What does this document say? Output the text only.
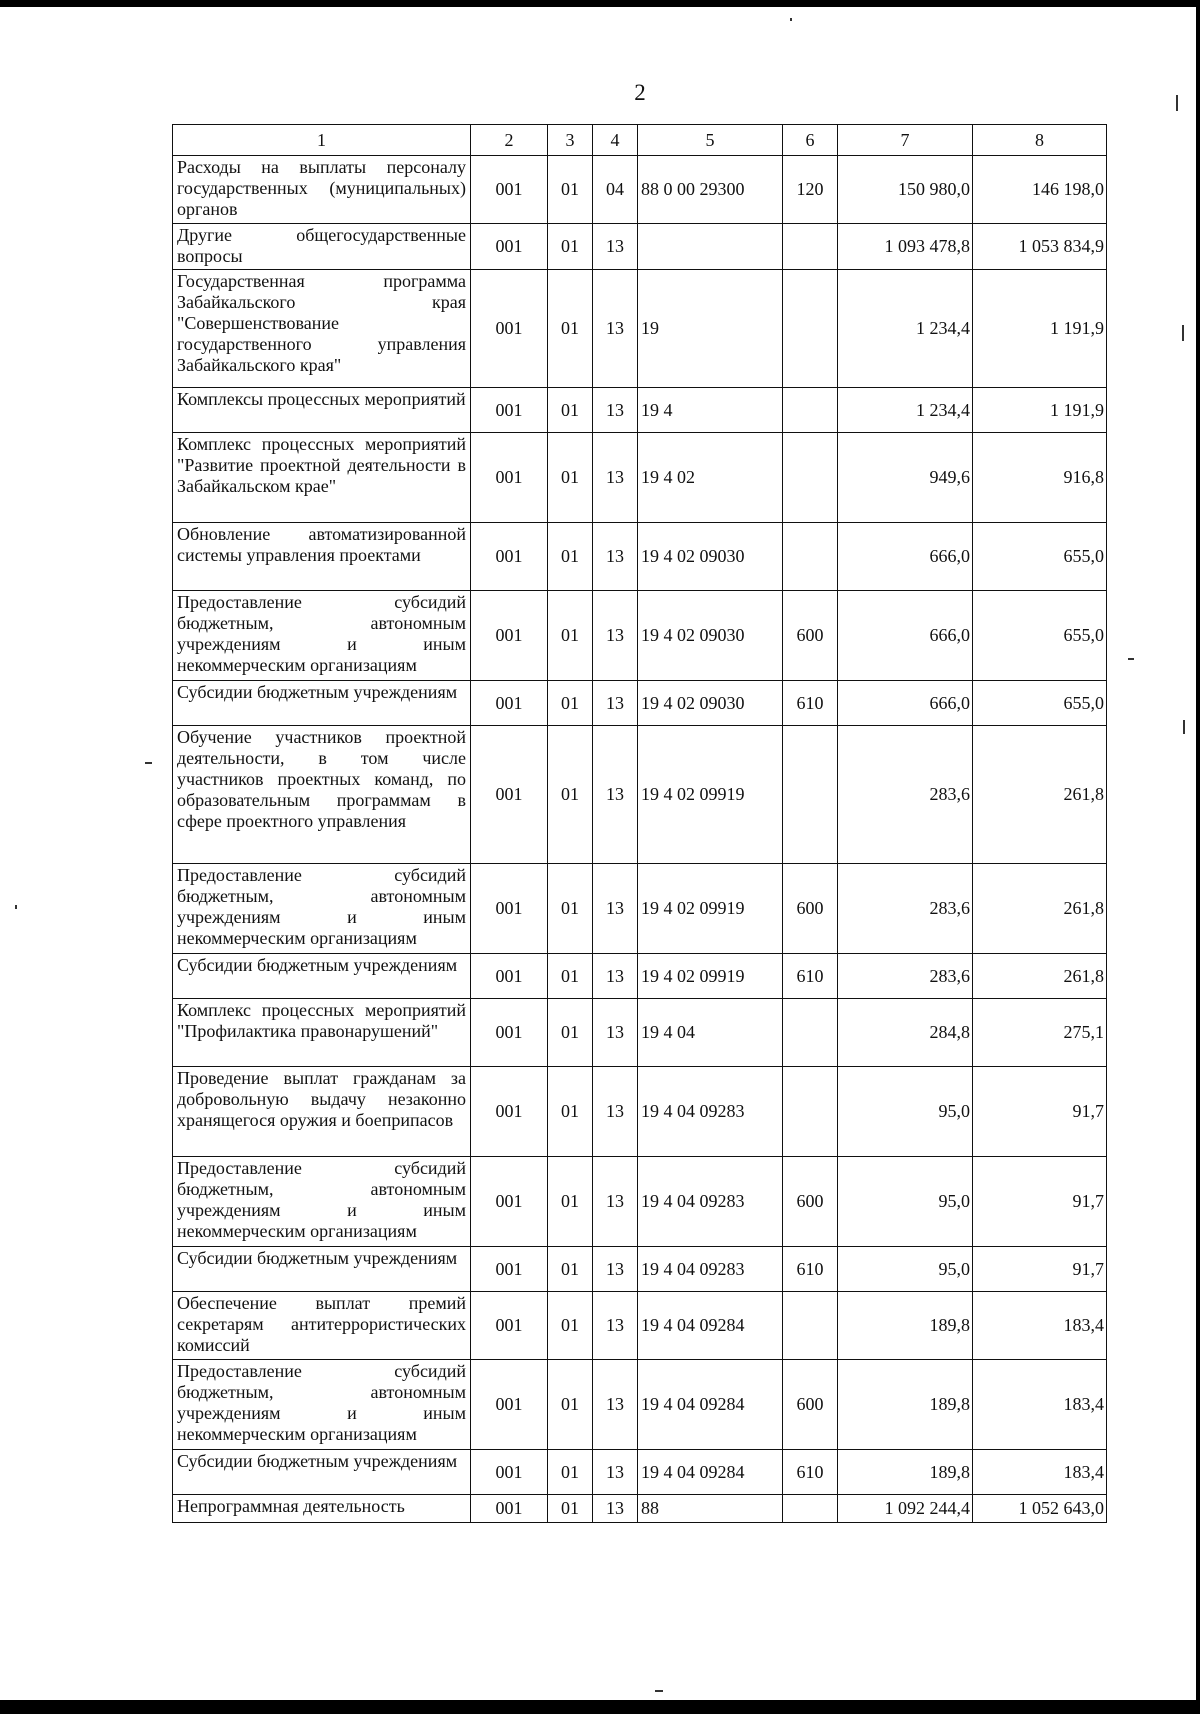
2
1	2	3	4	5	6	7	8
Расходы на выплаты персоналу государственных (муниципальных) органов	001	01	04	88 0 00 29300	120	150 980,0	146 198,0
Другие общегосударственные вопросы	001	01	13			1 093 478,8	1 053 834,9
Государственная программа Забайкальского края "Совершенствование государственного управления Забайкальского края"	001	01	13	19		1 234,4	1 191,9
Комплексы процессных мероприятий	001	01	13	19 4		1 234,4	1 191,9
Комплекс процессных мероприятий "Развитие проектной деятельности в Забайкальском крае"	001	01	13	19 4 02		949,6	916,8
Обновление автоматизированной системы управления проектами	001	01	13	19 4 02 09030		666,0	655,0
Предоставление субсидий бюджетным, автономным учреждениям и иным некоммерческим организациям	001	01	13	19 4 02 09030	600	666,0	655,0
Субсидии бюджетным учреждениям	001	01	13	19 4 02 09030	610	666,0	655,0
Обучение участников проектной деятельности, в том числе участников проектных команд, по образовательным программам в сфере проектного управления	001	01	13	19 4 02 09919		283,6	261,8
Предоставление субсидий бюджетным, автономным учреждениям и иным некоммерческим организациям	001	01	13	19 4 02 09919	600	283,6	261,8
Субсидии бюджетным учреждениям	001	01	13	19 4 02 09919	610	283,6	261,8
Комплекс процессных мероприятий "Профилактика правонарушений"	001	01	13	19 4 04		284,8	275,1
Проведение выплат гражданам за добровольную выдачу незаконно хранящегося оружия и боеприпасов	001	01	13	19 4 04 09283		95,0	91,7
Предоставление субсидий бюджетным, автономным учреждениям и иным некоммерческим организациям	001	01	13	19 4 04 09283	600	95,0	91,7
Субсидии бюджетным учреждениям	001	01	13	19 4 04 09283	610	95,0	91,7
Обеспечение выплат премий секретарям антитеррористических комиссий	001	01	13	19 4 04 09284		189,8	183,4
Предоставление субсидий бюджетным, автономным учреждениям и иным некоммерческим организациям	001	01	13	19 4 04 09284	600	189,8	183,4
Субсидии бюджетным учреждениям	001	01	13	19 4 04 09284	610	189,8	183,4
Непрограммная деятельность	001	01	13	88		1 092 244,4	1 052 643,0
